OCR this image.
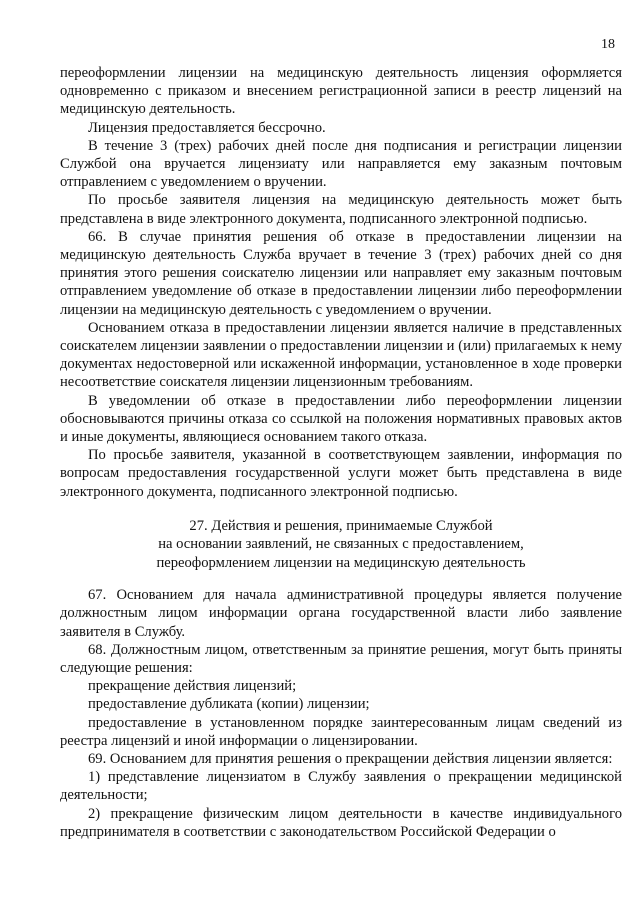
18

переоформлении лицензии на медицинскую деятельность лицензия оформляется одновременно с приказом и внесением регистрационной записи в реестр лицензий на медицинскую деятельность.

Лицензия предоставляется бессрочно.

В течение 3 (трех) рабочих дней после дня подписания и регистрации лицензии Службой она вручается лицензиату или направляется ему заказным почтовым отправлением с уведомлением о вручении.

По просьбе заявителя лицензия на медицинскую деятельность может быть представлена в виде электронного документа, подписанного электронной подписью.

66. В случае принятия решения об отказе в предоставлении лицензии на медицинскую деятельность Служба вручает в течение 3 (трех) рабочих дней со дня принятия этого решения соискателю лицензии или направляет ему заказным почтовым отправлением уведомление об отказе в предоставлении лицензии либо переоформлении лицензии на медицинскую деятельность с уведомлением о вручении.

Основанием отказа в предоставлении лицензии является наличие в представленных соискателем лицензии заявлении о предоставлении лицензии и (или) прилагаемых к нему документах недостоверной или искаженной информации, установленное в ходе проверки несоответствие соискателя лицензии лицензионным требованиям.

В уведомлении об отказе в предоставлении либо переоформлении лицензии обосновываются причины отказа со ссылкой на положения нормативных правовых актов и иные документы, являющиеся основанием такого отказа.

По просьбе заявителя, указанной в соответствующем заявлении, информация по вопросам предоставления государственной услуги может быть представлена в виде электронного документа, подписанного электронной подписью.

27. Действия и решения, принимаемые Службой
на основании заявлений, не связанных с предоставлением,
переоформлением лицензии на медицинскую деятельность

67. Основанием для начала административной процедуры является получение должностным лицом информации органа государственной власти либо заявление заявителя в Службу.

68. Должностным лицом, ответственным за принятие решения, могут быть приняты следующие решения:

прекращение действия лицензий;

предоставление дубликата (копии) лицензии;

предоставление в установленном порядке заинтересованным лицам сведений из реестра лицензий и иной информации о лицензировании.

69. Основанием для принятия решения о прекращении действия лицензии является:

1) представление лицензиатом в Службу заявления о прекращении медицинской деятельности;

2) прекращение физическим лицом деятельности в качестве индивидуального предпринимателя в соответствии с законодательством Российской Федерации о
